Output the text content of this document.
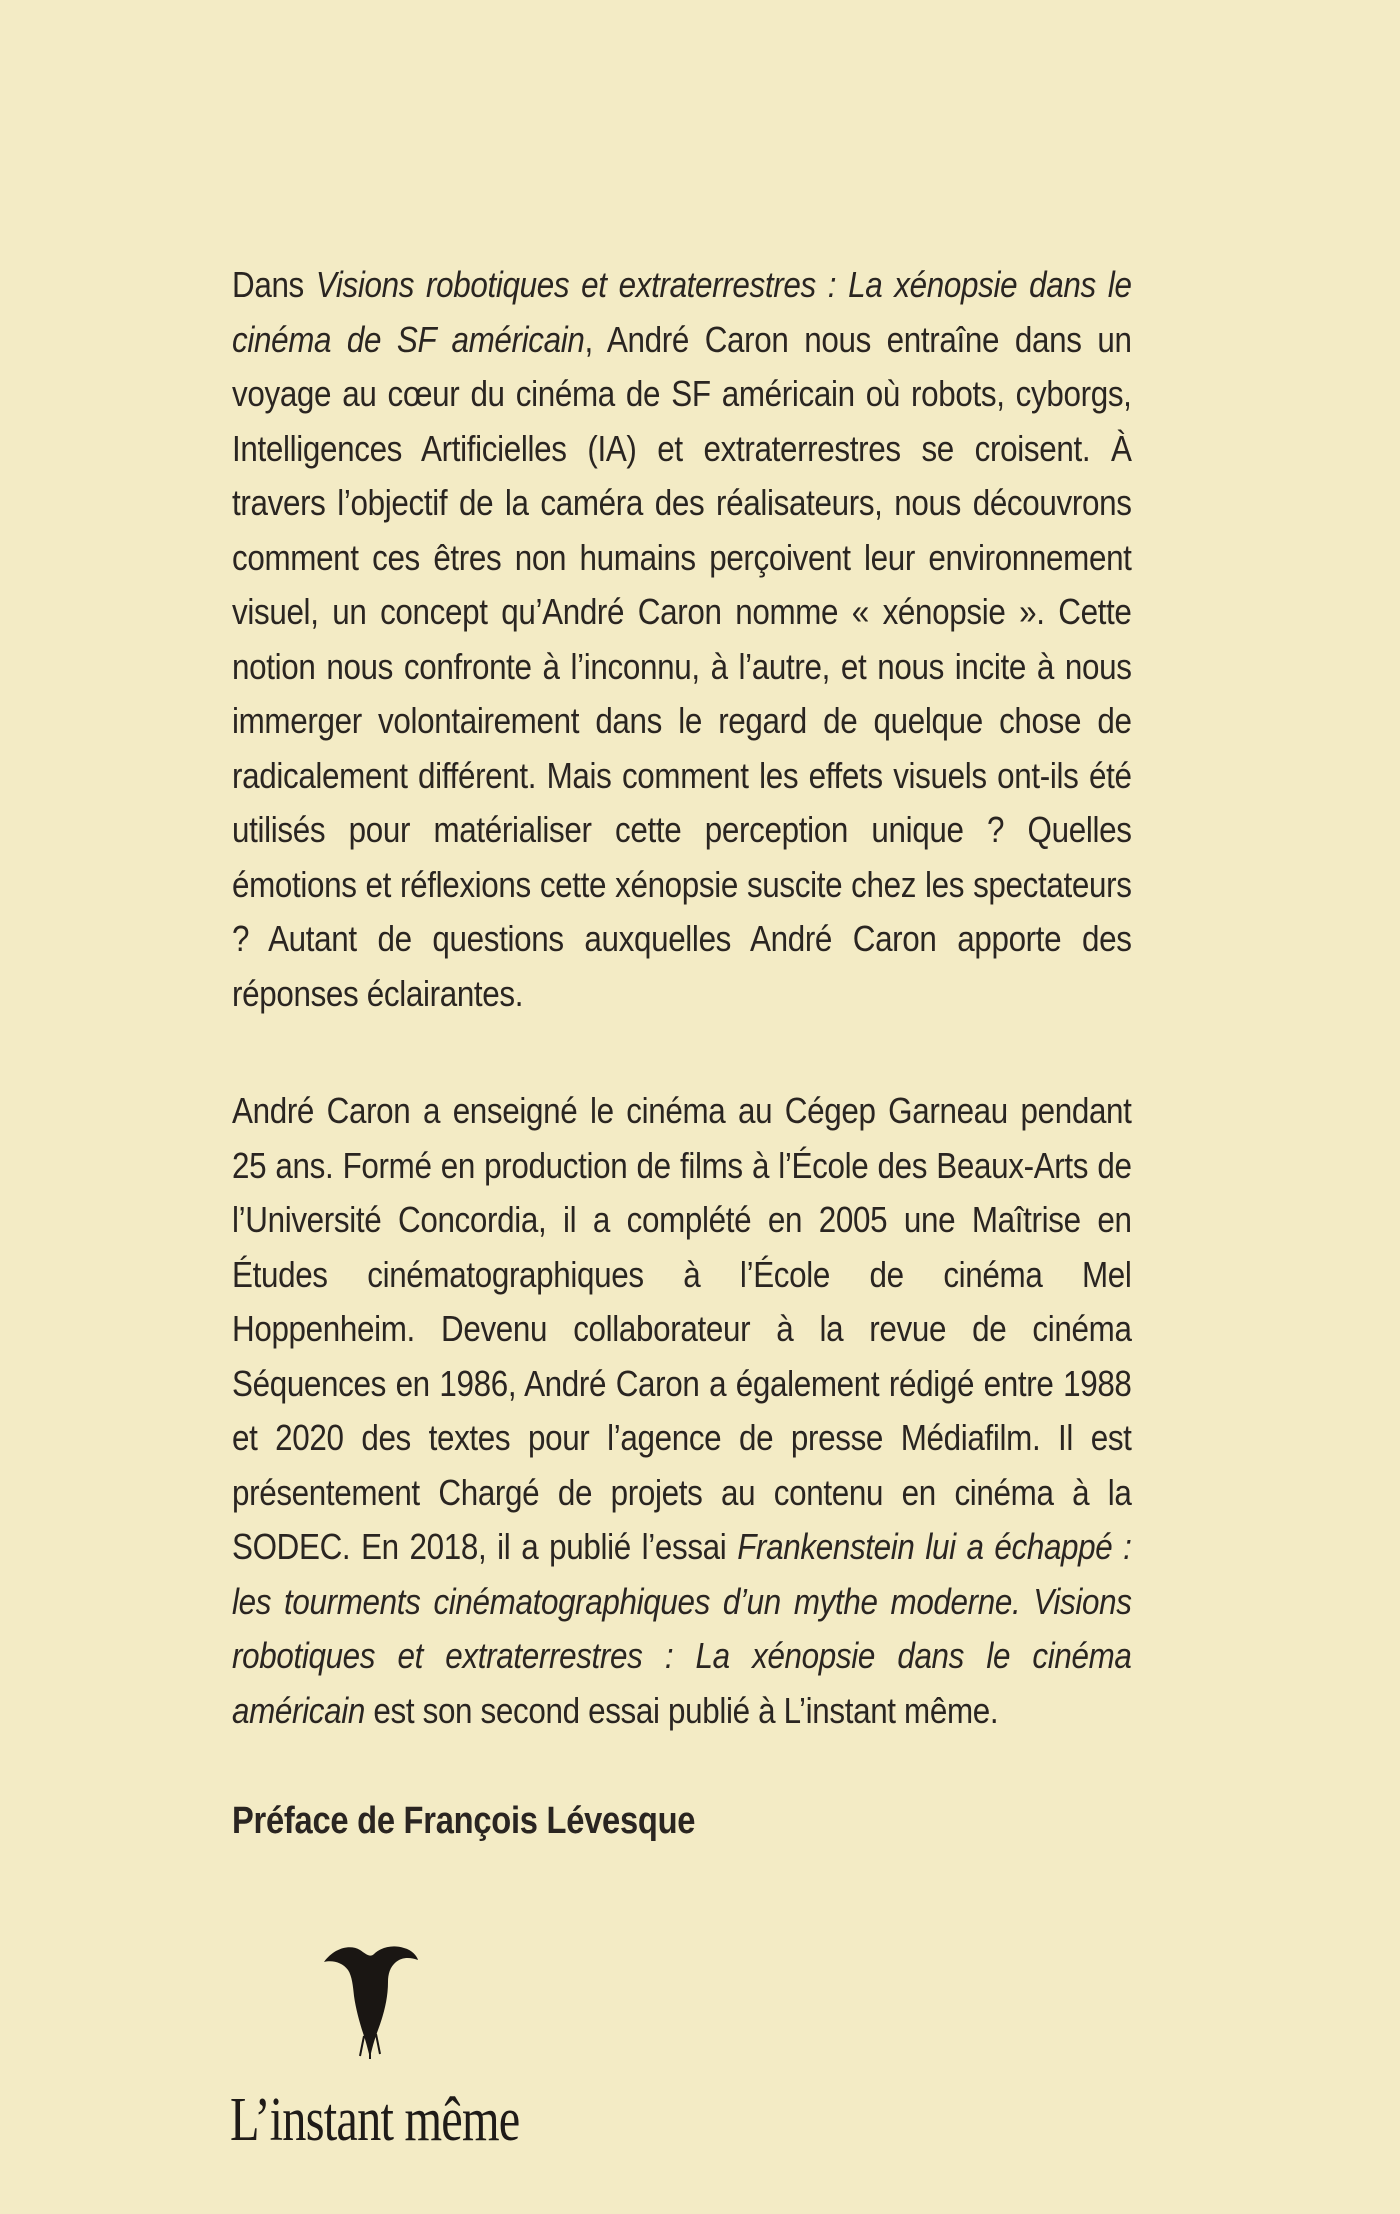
Dans Visions robotiques et extraterrestres : La xénopsie dans le cinéma de SF américain, André Caron nous entraîne dans un voyage au cœur du cinéma de SF américain où robots, cyborgs, Intelligences Artificielles (IA) et extraterrestres se croisent. À travers l’objectif de la caméra des réalisateurs, nous découvrons comment ces êtres non humains perçoivent leur environnement visuel, un concept qu’André Caron nomme « xénopsie ». Cette notion nous confronte à l’inconnu, à l’autre, et nous incite à nous immerger volontairement dans le regard de quelque chose de radicalement différent. Mais comment les effets visuels ont-ils été utilisés pour matérialiser cette perception unique ? Quelles émotions et réflexions cette xénopsie suscite chez les spectateurs ? Autant de questions auxquelles André Caron apporte des réponses éclairantes.

André Caron a enseigné le cinéma au Cégep Garneau pendant 25 ans. Formé en production de films à l’École des Beaux-Arts de l’Université Concordia, il a complété en 2005 une Maîtrise en Études cinématographiques à l’École de cinéma Mel Hoppenheim. Devenu collaborateur à la revue de cinéma Séquences en 1986, André Caron a également rédigé entre 1988 et 2020 des textes pour l’agence de presse Médiafilm. Il est présentement Chargé de projets au contenu en cinéma à la SODEC. En 2018, il a publié l’essai Frankenstein lui a échappé : les tourments cinématographiques d’un mythe moderne. Visions robotiques et extraterrestres : La xénopsie dans le cinéma américain est son second essai publié à L’instant même.

Préface de François Lévesque
L’instant même
